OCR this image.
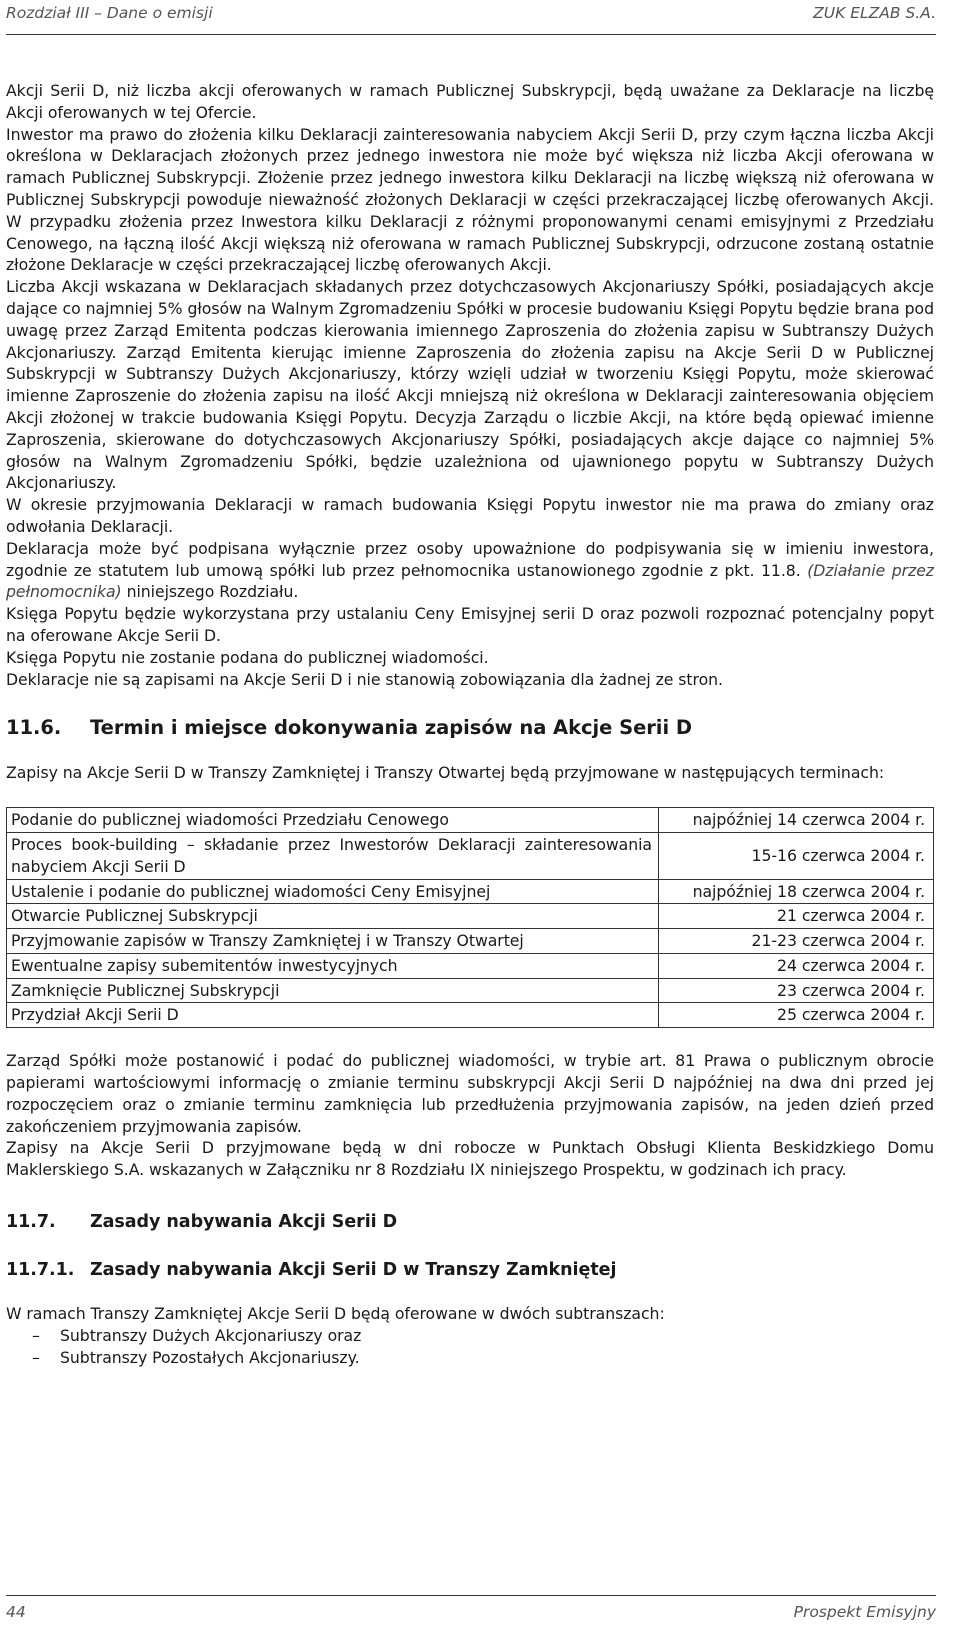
Rozdział III – Dane o emisji	ZUK ELZAB S.A.

Akcji Serii D, niż liczba akcji oferowanych w ramach Publicznej Subskrypcji, będą uważane za Deklaracje na liczbę Akcji oferowanych w tej Ofercie.

Inwestor ma prawo do złożenia kilku Deklaracji zainteresowania nabyciem Akcji Serii D, przy czym łączna liczba Akcji określona w Deklaracjach złożonych przez jednego inwestora nie może być większa niż liczba Akcji oferowana w ramach Publicznej Subskrypcji. Złożenie przez jednego inwestora kilku Deklaracji na liczbę większą niż oferowana w Publicznej Subskrypcji powoduje nieważność złożonych Deklaracji w części przekraczającej liczbę oferowanych Akcji. W przypadku złożenia przez Inwestora kilku Deklaracji z różnymi proponowanymi cenami emisyjnymi z Przedziału Cenowego, na łączną ilość Akcji większą niż oferowana w ramach Publicznej Subskrypcji, odrzucone zostaną ostatnie złożone Deklaracje w części przekraczającej liczbę oferowanych Akcji.

Liczba Akcji wskazana w Deklaracjach składanych przez dotychczasowych Akcjonariuszy Spółki, posiadających akcje dające co najmniej 5% głosów na Walnym Zgromadzeniu Spółki w procesie budowaniu Księgi Popytu będzie brana pod uwagę przez Zarząd Emitenta podczas kierowania imiennego Zaproszenia do złożenia zapisu w Subtranszy Dużych Akcjonariuszy. Zarząd Emitenta kierując imienne Zaproszenia do złożenia zapisu na Akcje Serii D w Publicznej Subskrypcji w Subtranszy Dużych Akcjonariuszy, którzy wzięli udział w tworzeniu Księgi Popytu, może skierować imienne Zaproszenie do złożenia zapisu na ilość Akcji mniejszą niż określona w Deklaracji zainteresowania objęciem Akcji złożonej w trakcie budowania Księgi Popytu. Decyzja Zarządu o liczbie Akcji, na które będą opiewać imienne Zaproszenia, skierowane do dotychczasowych Akcjonariuszy Spółki, posiadających akcje dające co najmniej 5% głosów na Walnym Zgromadzeniu Spółki, będzie uzależniona od ujawnionego popytu w Subtranszy Dużych Akcjonariuszy.

W okresie przyjmowania Deklaracji w ramach budowania Księgi Popytu inwestor nie ma prawa do zmiany oraz odwołania Deklaracji.

Deklaracja może być podpisana wyłącznie przez osoby upoważnione do podpisywania się w imieniu inwestora, zgodnie ze statutem lub umową spółki lub przez pełnomocnika ustanowionego zgodnie z pkt. 11.8. (Działanie przez pełnomocnika) niniejszego Rozdziału.

Księga Popytu będzie wykorzystana przy ustalaniu Ceny Emisyjnej serii D oraz pozwoli rozpoznać potencjalny popyt na oferowane Akcje Serii D.

Księga Popytu nie zostanie podana do publicznej wiadomości.

Deklaracje nie są zapisami na Akcje Serii D i nie stanowią zobowiązania dla żadnej ze stron.

11.6.	Termin i miejsce dokonywania zapisów na Akcje Serii D

Zapisy na Akcje Serii D w Transzy Zamkniętej i Transzy Otwartej będą przyjmowane w następujących terminach:

Podanie do publicznej wiadomości Przedziału Cenowego	najpóźniej 14 czerwca 2004 r.
Proces book-building – składanie przez Inwestorów Deklaracji zainteresowania nabyciem Akcji Serii D	15-16 czerwca 2004 r.
Ustalenie i podanie do publicznej wiadomości Ceny Emisyjnej	najpóźniej 18 czerwca 2004 r.
Otwarcie Publicznej Subskrypcji	21 czerwca 2004 r.
Przyjmowanie zapisów w Transzy Zamkniętej i w Transzy Otwartej	21-23 czerwca 2004 r.
Ewentualne zapisy subemitentów inwestycyjnych	24 czerwca 2004 r.
Zamknięcie Publicznej Subskrypcji	23 czerwca 2004 r.
Przydział Akcji Serii D	25 czerwca 2004 r.

Zarząd Spółki może postanowić i podać do publicznej wiadomości, w trybie art. 81 Prawa o publicznym obrocie papierami wartościowymi informację o zmianie terminu subskrypcji Akcji Serii D najpóźniej na dwa dni przed jej rozpoczęciem oraz o zmianie terminu zamknięcia lub przedłużenia przyjmowania zapisów, na jeden dzień przed zakończeniem przyjmowania zapisów.

Zapisy na Akcje Serii D przyjmowane będą w dni robocze w Punktach Obsługi Klienta Beskidzkiego Domu Maklerskiego S.A. wskazanych w Załączniku nr 8 Rozdziału IX niniejszego Prospektu, w godzinach ich pracy.

11.7.	Zasady nabywania Akcji Serii D
11.7.1. Zasady nabywania Akcji Serii D w Transzy Zamkniętej

W ramach Transzy Zamkniętej Akcje Serii D będą oferowane w dwóch subtranszach:

– Subtranszy Dużych Akcjonariuszy oraz
– Subtranszy Pozostałych Akcjonariuszy.
44	Prospekt Emisyjny
